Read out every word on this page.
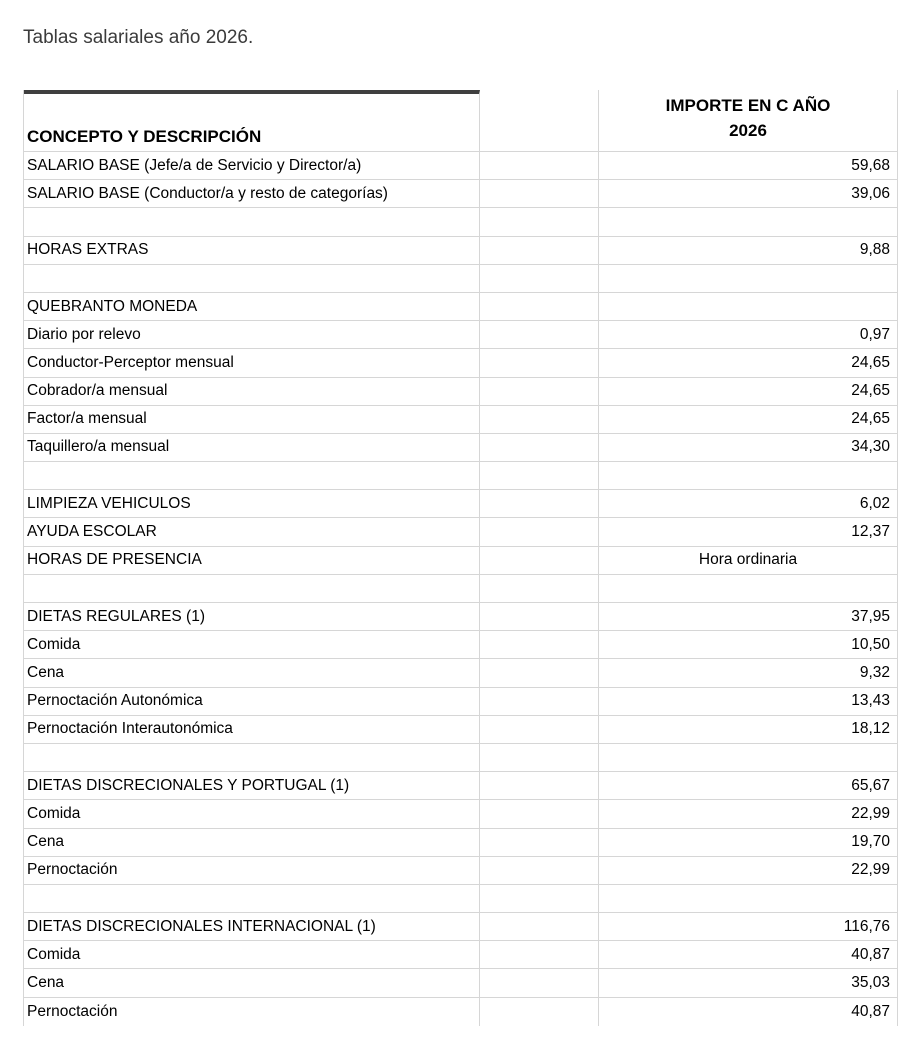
Tablas salariales año 2026.
CONCEPTO Y DESCRIPCIÓN
IMPORTE EN C AÑO
2026
SALARIO BASE (Jefe/a de Servicio y Director/a)	59,68
SALARIO BASE (Conductor/a y resto de categorías)	39,06
HORAS EXTRAS	9,88
QUEBRANTO MONEDA
Diario por relevo	0,97
Conductor-Perceptor mensual	24,65
Cobrador/a mensual	24,65
Factor/a mensual	24,65
Taquillero/a mensual	34,30
LIMPIEZA VEHICULOS	6,02
AYUDA ESCOLAR	12,37
HORAS DE PRESENCIA	Hora ordinaria
DIETAS REGULARES (1)	37,95
Comida	10,50
Cena	9,32
Pernoctación Autonómica	13,43
Pernoctación Interautonómica	18,12
DIETAS DISCRECIONALES Y PORTUGAL (1)	65,67
Comida	22,99
Cena	19,70
Pernoctación	22,99
DIETAS DISCRECIONALES INTERNACIONAL (1)	116,76
Comida	40,87
Cena	35,03
Pernoctación	40,87
